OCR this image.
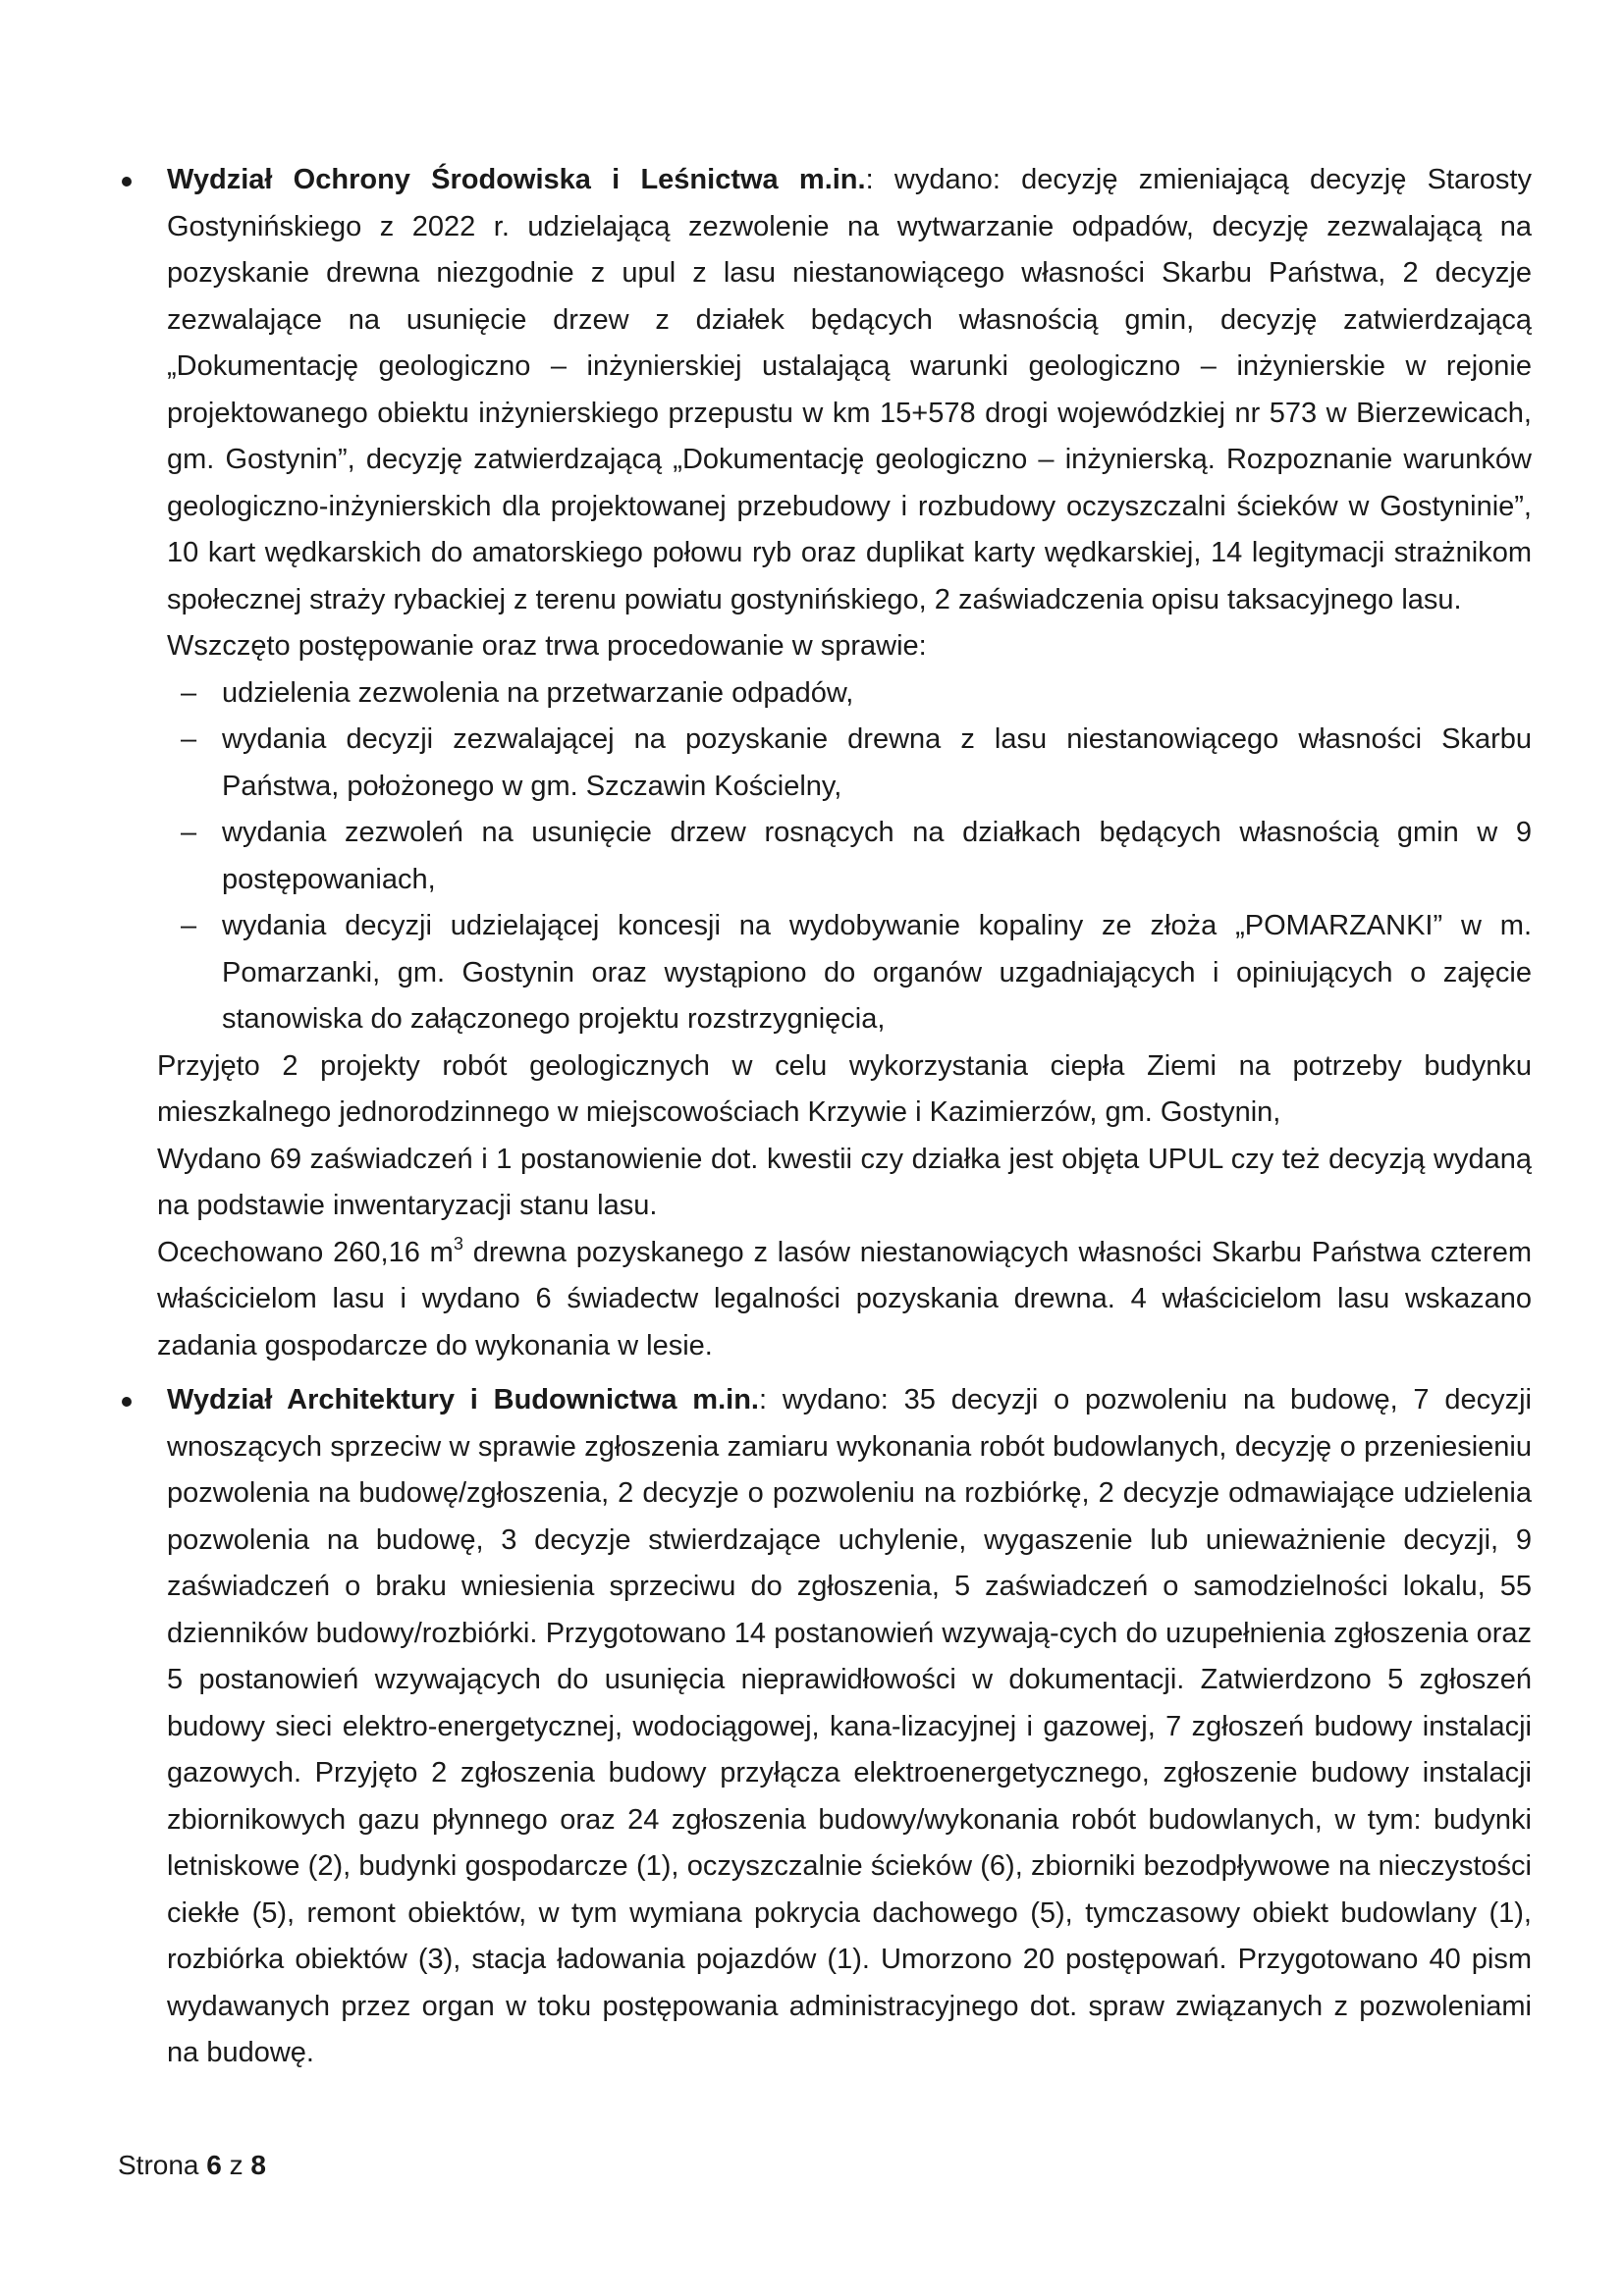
Wydział Ochrony Środowiska i Leśnictwa m.in.: wydano: decyzję zmieniającą decyzję Starosty Gostynińskiego z 2022 r. udzielającą zezwolenie na wytwarzanie odpadów, decyzję zezwalającą na pozyskanie drewna niezgodnie z upul z lasu niestanowiącego własności Skarbu Państwa, 2 decyzje zezwalające na usunięcie drzew z działek będących własnością gmin, decyzję zatwierdzającą „Dokumentację geologiczno – inżynierskiej ustalającą warunki geologiczno – inżynierskie w rejonie projektowanego obiektu inżynierskiego przepustu w km 15+578 drogi wojewódzkiej nr 573 w Bierzewicach, gm. Gostynin”, decyzję zatwierdzającą „Dokumentację geologiczno – inżynierską. Rozpoznanie warunków geologiczno-inżynierskich dla projektowanej przebudowy i rozbudowy oczyszczalni ścieków w Gostyninie”, 10 kart wędkarskich do amatorskiego połowu ryb oraz duplikat karty wędkarskiej, 14 legitymacji strażnikom społecznej straży rybackiej z terenu powiatu gostynińskiego, 2 zaświadczenia opisu taksacyjnego lasu.
Wszczęto postępowanie oraz trwa procedowanie w sprawie:
– udzielenia zezwolenia na przetwarzanie odpadów,
– wydania decyzji zezwalającej na pozyskanie drewna z lasu niestanowiącego własności Skarbu Państwa, położonego w gm. Szczawin Kościelny,
– wydania zezwoleń na usunięcie drzew rosnących na działkach będących własnością gmin w 9 postępowaniach,
– wydania decyzji udzielającej koncesji na wydobywanie kopaliny ze złoża „POMARZANKI” w m. Pomarzanki, gm. Gostynin oraz wystąpiono do organów uzgadniających i opiniujących o zajęcie stanowiska do załączonego projektu rozstrzygnięcia,
Przyjęto 2 projekty robót geologicznych w celu wykorzystania ciepła Ziemi na potrzeby budynku mieszkalnego jednorodzinnego w miejscowościach Krzywie i Kazimierzów, gm. Gostynin,
Wydano 69 zaświadczeń i 1 postanowienie dot. kwestii czy działka jest objęta UPUL czy też decyzją wydaną na podstawie inwentaryzacji stanu lasu.
Ocechowano 260,16 $m^3$ drewna pozyskanego z lasów niestanowiących własności Skarbu Państwa czterem właścicielom lasu i wydano 6 świadectw legalności pozyskania drewna. 4 właścicielom lasu wskazano zadania gospodarcze do wykonania w lesie.
Wydział Architektury i Budownictwa m.in.: wydano: 35 decyzji o pozwoleniu na budowę, 7 decyzji wnoszących sprzeciw w sprawie zgłoszenia zamiaru wykonania robót budowlanych, decyzję o przeniesieniu pozwolenia na budowę/zgłoszenia, 2 decyzje o pozwoleniu na rozbiórkę, 2 decyzje odmawiające udzielenia pozwolenia na budowę, 3 decyzje stwierdzające uchylenie, wygaszenie lub unieważnienie decyzji, 9 zaświadczeń o braku wniesienia sprzeciwu do zgłoszenia, 5 zaświadczeń o samodzielności lokalu, 55 dzienników budowy/rozbiórki. Przygotowano 14 postanowień wzywają-cych do uzupełnienia zgłoszenia oraz 5 postanowień wzywających do usunięcia nieprawidłowości w dokumentacji. Zatwierdzono 5 zgłoszeń budowy sieci elektro-energetycznej, wodociągowej, kana-lizacyjnej i gazowej, 7 zgłoszeń budowy instalacji gazowych. Przyjęto 2 zgłoszenia budowy przyłącza elektroenergetycznego, zgłoszenie budowy instalacji zbiornikowych gazu płynnego oraz 24 zgłoszenia budowy/wykonania robót budowlanych, w tym: budynki letniskowe (2), budynki gospodarcze (1), oczyszczalnie ścieków (6), zbiorniki bezodpływowe na nieczystości ciekłe (5), remont obiektów, w tym wymiana pokrycia dachowego (5), tymczasowy obiekt budowlany (1), rozbiórka obiektów (3), stacja ładowania pojazdów (1). Umorzono 20 postępowań. Przygotowano 40 pism wydawanych przez organ w toku postępowania administracyjnego dot. spraw związanych z pozwoleniami na budowę.
Strona 6 z 8
